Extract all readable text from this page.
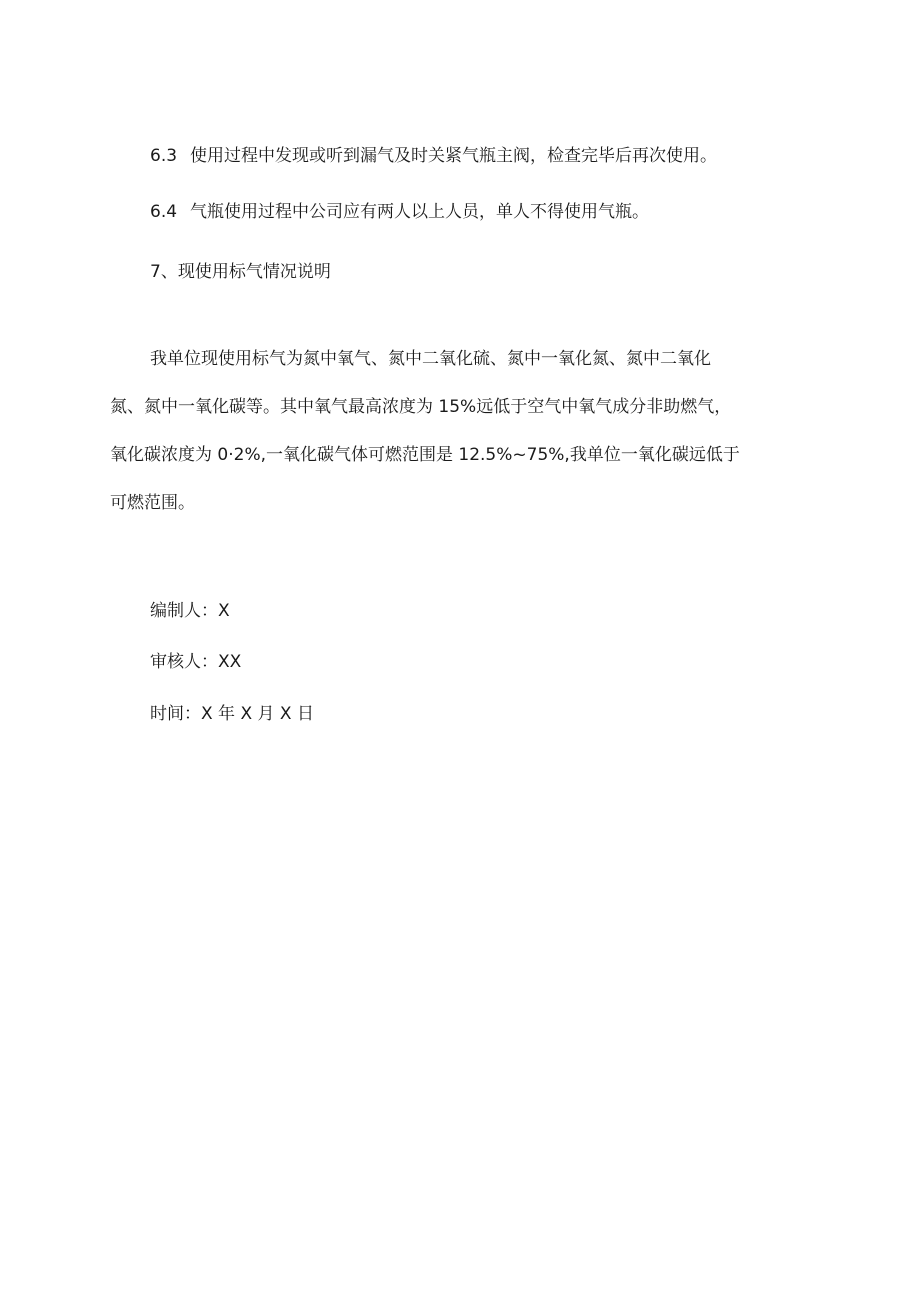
6.3 使用过程中发现或听到漏气及时关紧气瓶主阀，检查完毕后再次使用。
6.4 气瓶使用过程中公司应有两人以上人员，单人不得使用气瓶。
7、现使用标气情况说明
我单位现使用标气为氮中氧气、氮中二氧化硫、氮中一氧化氮、氮中二氧化
氮、氮中一氧化碳等。其中氧气最高浓度为 15%远低于空气中氧气成分非助燃气，
氧化碳浓度为 0·2%,一氧化碳气体可燃范围是 12.5%~75%,我单位一氧化碳远低于
可燃范围。
编制人：X
审核人：XX
时间：X 年 X 月 X 日
